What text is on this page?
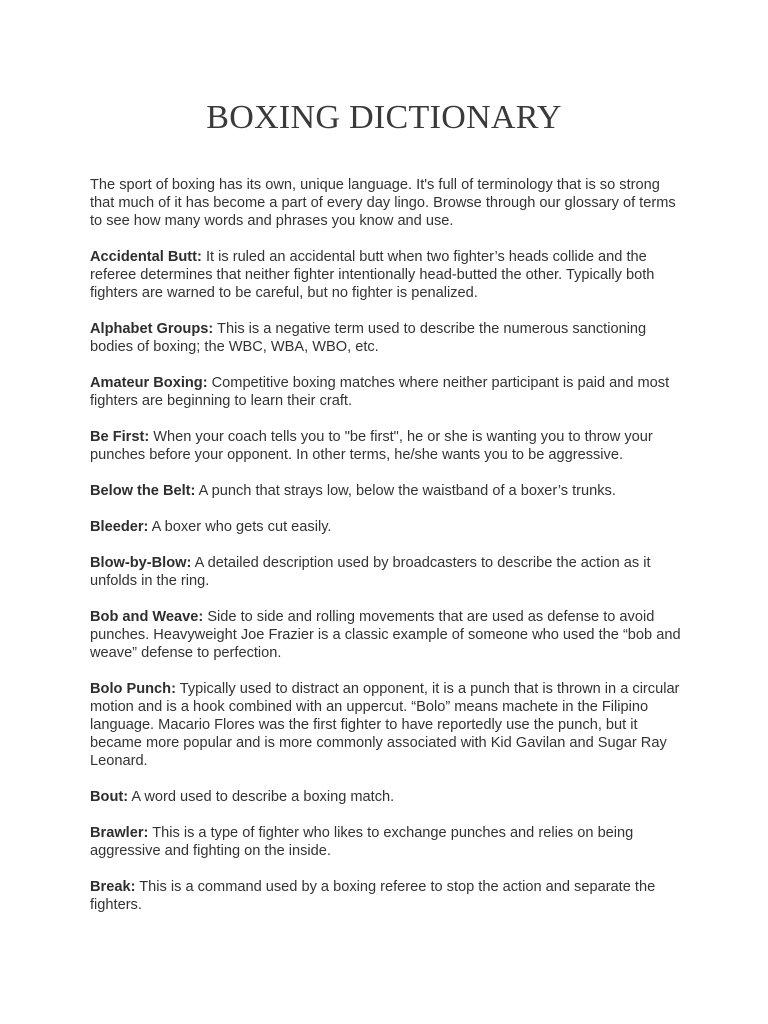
BOXING DICTIONARY

The sport of boxing has its own, unique language. It's full of terminology that is so strong that much of it has become a part of every day lingo. Browse through our glossary of terms to see how many words and phrases you know and use.

Accidental Butt: It is ruled an accidental butt when two fighter’s heads collide and the referee determines that neither fighter intentionally head-butted the other. Typically both fighters are warned to be careful, but no fighter is penalized.

Alphabet Groups: This is a negative term used to describe the numerous sanctioning bodies of boxing; the WBC, WBA, WBO, etc.

Amateur Boxing: Competitive boxing matches where neither participant is paid and most fighters are beginning to learn their craft.

Be First: When your coach tells you to "be first", he or she is wanting you to throw your punches before your opponent. In other terms, he/she wants you to be aggressive.

Below the Belt: A punch that strays low, below the waistband of a boxer’s trunks.

Bleeder: A boxer who gets cut easily.

Blow-by-Blow: A detailed description used by broadcasters to describe the action as it unfolds in the ring.

Bob and Weave: Side to side and rolling movements that are used as defense to avoid punches. Heavyweight Joe Frazier is a classic example of someone who used the “bob and weave” defense to perfection.

Bolo Punch: Typically used to distract an opponent, it is a punch that is thrown in a circular motion and is a hook combined with an uppercut. “Bolo” means machete in the Filipino language. Macario Flores was the first fighter to have reportedly use the punch, but it became more popular and is more commonly associated with Kid Gavilan and Sugar Ray Leonard.

Bout: A word used to describe a boxing match.

Brawler: This is a type of fighter who likes to exchange punches and relies on being aggressive and fighting on the inside.

Break: This is a command used by a boxing referee to stop the action and separate the fighters.
